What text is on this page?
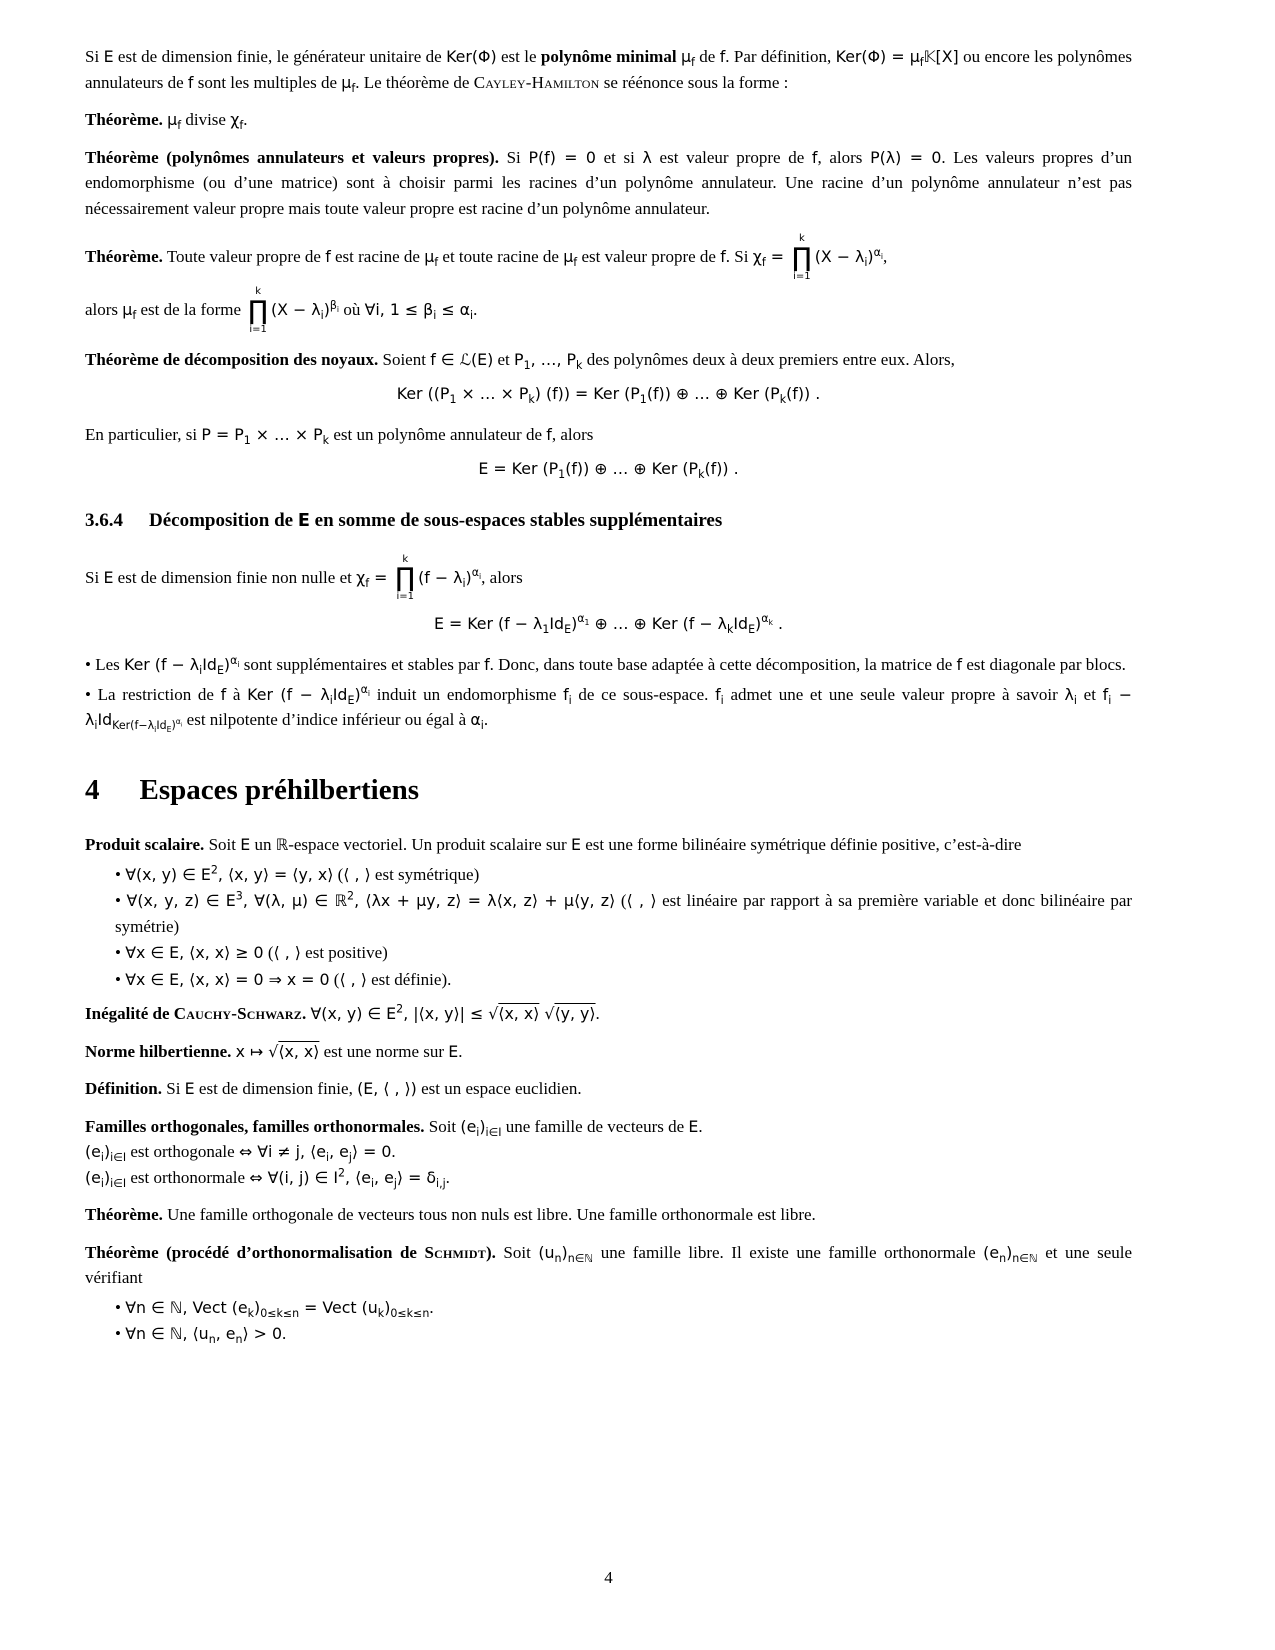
Si E est de dimension finie, le générateur unitaire de Ker(Φ) est le polynôme minimal $\mu_f$ de f. Par définition, $Ker(\Phi) = \mu_f𝕂[X]$ ou encore les polynômes annulateurs de f sont les multiples de $\mu_f$. Le théorème de Cayley-Hamilton se réénonce sous la forme :

Théorème. $\mu_f$ divise $\chi_f$.

Théorème (polynômes annulateurs et valeurs propres). Si P(f) = 0 et si λ est valeur propre de f, alors P(λ) = 0. Les valeurs propres d’un endomorphisme (ou d’une matrice) sont à choisir parmi les racines d’un polynôme annulateur. Une racine d’un polynôme annulateur n’est pas nécessairement valeur propre mais toute valeur propre est racine d’un polynôme annulateur.

Théorème. Toute valeur propre de f est racine de $\mu_f$ et toute racine de $\mu_f$ est valeur propre de f. Si $\chi_f$ =
k
∏
i=1
$(X - \lambda_i)^{\alpha_i}$,

alors $\mu_f$ est de la forme
k
∏
i=1
$(X - \lambda_i)^{\beta_i}$ où ∀i, $1 \le \beta_i \le \alpha_i$.

Théorème de décomposition des noyaux. Soient f ∈ ℒ(E) et $P_1$, …, $P_k$ des polynômes deux à deux premiers entre eux. Alors,

Ker (($P_1$ × … × $P_k$) (f)) = Ker $(P_1(f))$ ⊕ … ⊕ Ker $(P_k(f))$ .

En particulier, si $P = P_1$ × … × $P_k$ est un polynôme annulateur de f, alors

E = Ker $(P_1(f))$ ⊕ … ⊕ Ker $(P_k(f))$ .
3.6.4 Décomposition de E en somme de sous-espaces stables supplémentaires

Si E est de dimension finie non nulle et $\chi_f$ =
k
∏
i=1
$(f - \lambda_i)^{\alpha_i}$, alors

E = Ker $(f - \lambda_1Id_E)^{\alpha_1}$ ⊕ … ⊕ Ker $(f - \lambda_kId_E)^{\alpha_k}$ .

• Les Ker $(f - \lambda_iId_E)^{\alpha_i}$ sont supplémentaires et stables par f. Donc, dans toute base adaptée à cette décomposition, la matrice de f est diagonale par blocs.

• La restriction de f à Ker $(f - \lambda_iId_E)^{\alpha_i}$ induit un endomorphisme $f_i$ de ce sous-espace. $f_i$ admet une et une seule valeur propre à savoir $\lambda_i$ et $f_i - \lambda_iId_{Ker(f-\lambda_iId_E)^{\alpha_i}}$ est nilpotente d’indice inférieur ou égal à $\alpha_i$.

4 Espaces préhilbertiens

Produit scalaire. Soit E un ℝ-espace vectoriel. Un produit scalaire sur E est une forme bilinéaire symétrique définie positive, c’est-à-dire

• ∀(x, y) ∈ $E^2$, ⟨x, y⟩ = ⟨y, x⟩ (⟨ , ⟩ est symétrique)

• ∀(x, y, z) ∈ $E^3$, ∀(λ, μ) ∈ ℝ$^2$, ⟨λx + μy, z⟩ = λ⟨x, z⟩ + μ⟨y, z⟩ (⟨ , ⟩ est linéaire par rapport à sa première variable et donc bilinéaire par symétrie)

• ∀x ∈ E, ⟨x, x⟩ ≥ 0 (⟨ , ⟩ est positive)

• ∀x ∈ E, ⟨x, x⟩ = 0 ⇒ x = 0 (⟨ , ⟩ est définie).

Inégalité de Cauchy-Schwarz. ∀(x, y) ∈ $E^2$, |⟨x, y⟩| ≤ √⟨x, x⟩ √⟨y, y⟩.

Norme hilbertienne. x ↦ √⟨x, x⟩ est une norme sur E.

Définition. Si E est de dimension finie, (E, ⟨ , ⟩) est un espace euclidien.

Familles orthogonales, familles orthonormales. Soit $(e_i)_{i\in I}$ une famille de vecteurs de E.
$(e_i)_{i\in I}$ est orthogonale ⇔ ∀i ≠ j, $⟨e_i$, $e_j⟩ = 0$.
$(e_i)_{i\in I}$ est orthonormale ⇔ ∀(i, j) ∈ $I^2$, $⟨e_i$, $e_j⟩ = \delta_{i,j}$.

Théorème. Une famille orthogonale de vecteurs tous non nuls est libre. Une famille orthonormale est libre.

Théorème (procédé d’orthonormalisation de Schmidt). Soit $(u_n)_{n\in ℕ}$ une famille libre. Il existe une famille orthonormale $(e_n)_{n\in ℕ}$ et une seule vérifiant

• ∀n ∈ ℕ, Vect $(e_k)_{0\le k\le n}$ = Vect $(u_k)_{0\le k\le n}$.

• ∀n ∈ ℕ, $⟨u_n$, $e_n⟩ > 0$.

4
